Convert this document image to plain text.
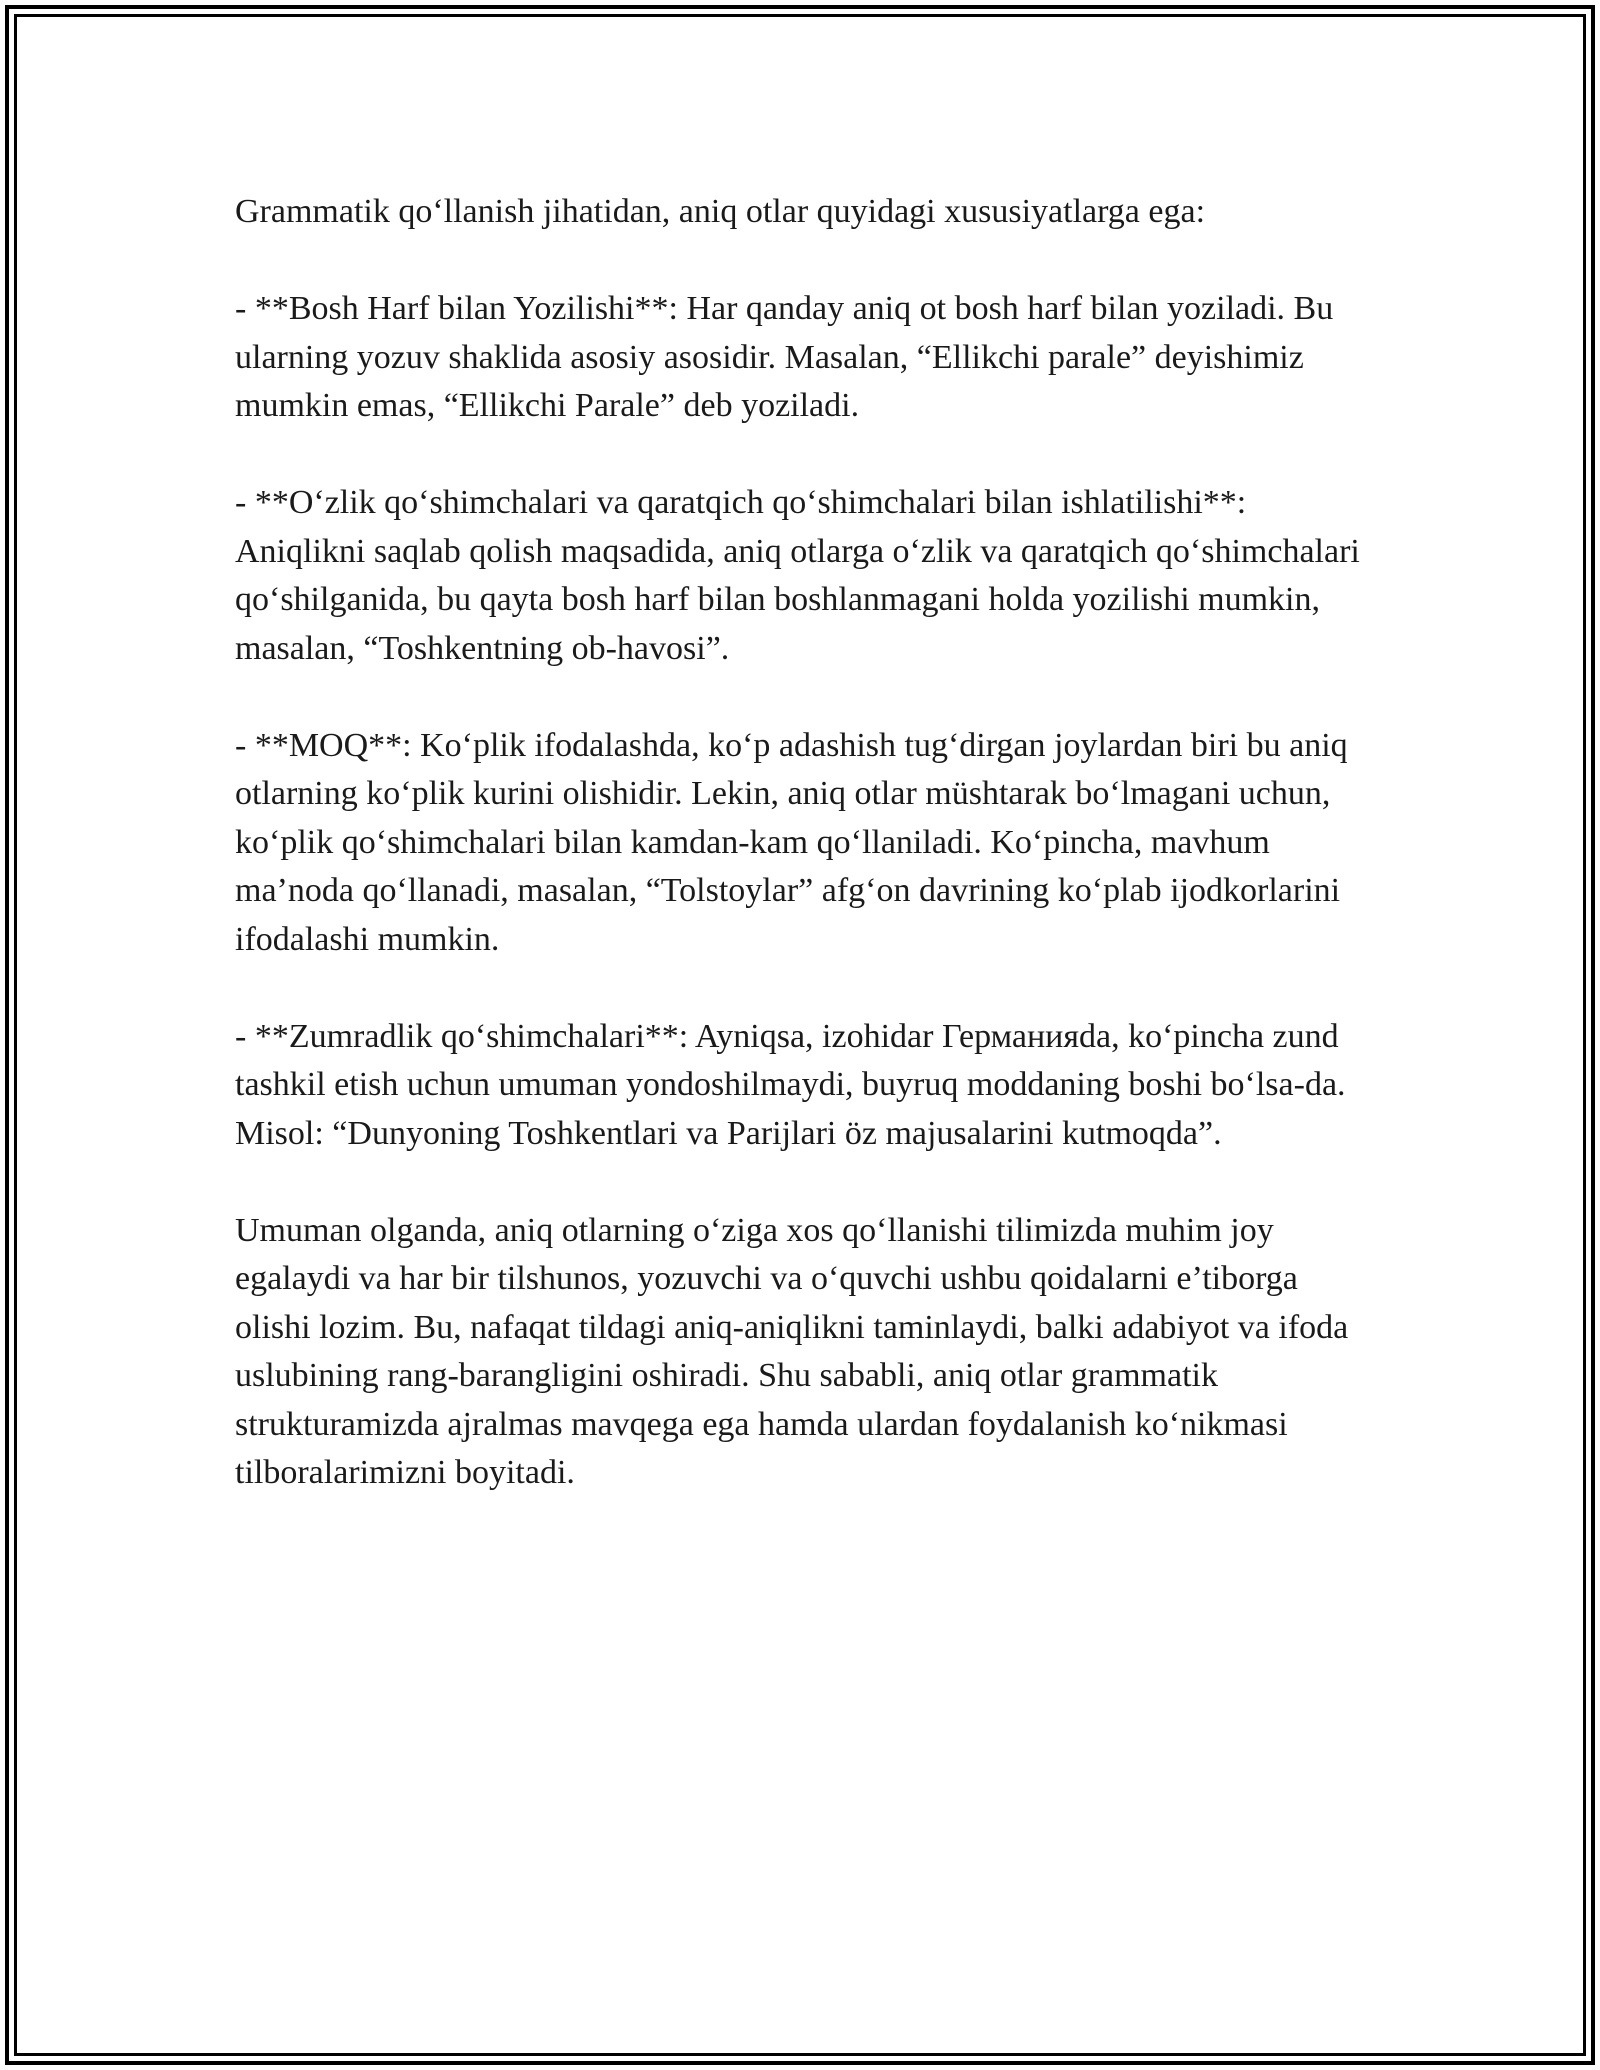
Grammatik qo‘llanish jihatidan, aniq otlar quyidagi xususiyatlarga ega:

- **Bosh Harf bilan Yozilishi**: Har qanday aniq ot bosh harf bilan yoziladi. Bu ularning yozuv shaklida asosiy asosidir. Masalan, “Ellikchi parale” deyishimiz mumkin emas, “Ellikchi Parale” deb yoziladi.

- **O‘zlik qo‘shimchalari va qaratqich qo‘shimchalari bilan ishlatilishi**: Aniqlikni saqlab qolish maqsadida, aniq otlarga o‘zlik va qaratqich qo‘shimchalari qo‘shilganida, bu qayta bosh harf bilan boshlanmagani holda yozilishi mumkin, masalan, “Toshkentning ob-havosi”.

- **MOQ**: Ko‘plik ifodalashda, ko‘p adashish tug‘dirgan joylardan biri bu aniq otlarning ko‘plik kurini olishidir. Lekin, aniq otlar müshtarak bo‘lmagani uchun, ko‘plik qo‘shimchalari bilan kamdan-kam qo‘llaniladi. Ko‘pincha, mavhum ma’noda qo‘llanadi, masalan, “Tolstoylar” afg‘on davrining ko‘plab ijodkorlarini ifodalashi mumkin.

- **Zumradlik qo‘shimchalari**: Ayniqsa, izohidar Германияda, ko‘pincha zund tashkil etish uchun umuman yondoshilmaydi, buyruq moddaning boshi bo‘lsa-da. Misol: “Dunyoning Toshkentlari va Parijlari öz majusalarini kutmoqda”.

Umuman olganda, aniq otlarning o‘ziga xos qo‘llanishi tilimizda muhim joy egalaydi va har bir tilshunos, yozuvchi va o‘quvchi ushbu qoidalarni e’tiborga olishi lozim. Bu, nafaqat tildagi aniq-aniqlikni taminlaydi, balki adabiyot va ifoda uslubining rang-barangligini oshiradi. Shu sababli, aniq otlar grammatik strukturamizda ajralmas mavqega ega hamda ulardan foydalanish ko‘nikmasi tilboralarimizni boyitadi.
